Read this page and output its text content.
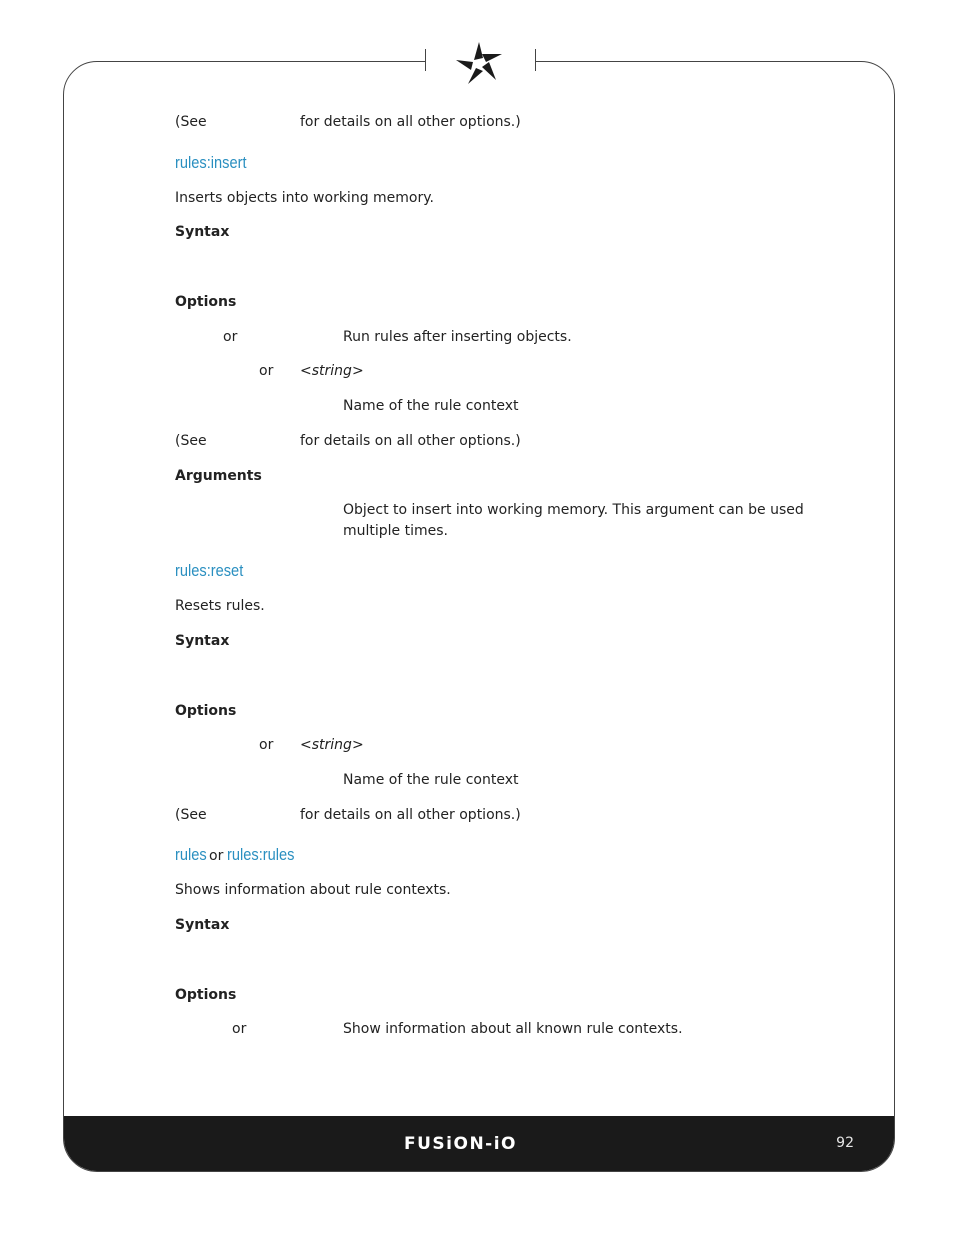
FUSiON-iO	92
(See	for details on all other options.)
rules:insert
Inserts objects into working memory.
Syntax
Options
or	Run rules after inserting objects.
or <string>
Name of the rule context
(See	for details on all other options.)
Arguments
Object to insert into working memory. This argument can be used
multiple times.
rules:reset
Resets rules.
Syntax
Options
or <string>
Name of the rule context
(See	for details on all other options.)
rules or rules:rules
Shows information about rule contexts.
Syntax
Options
or	Show information about all known rule contexts.
